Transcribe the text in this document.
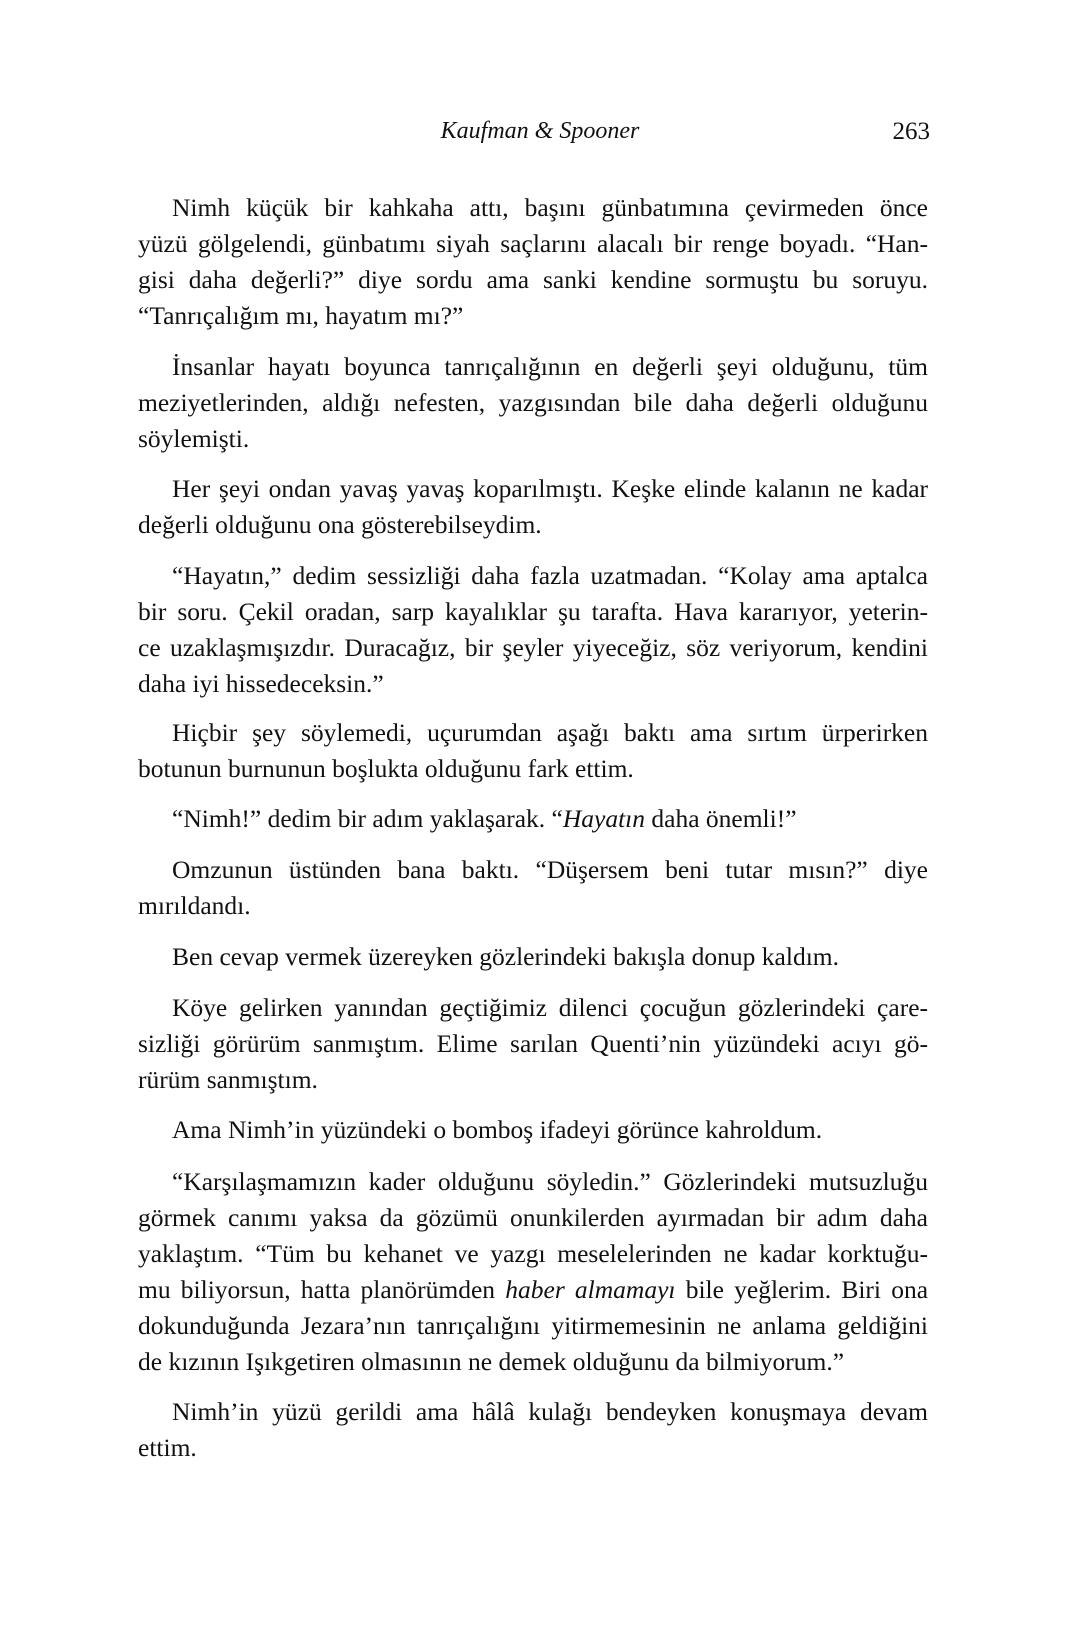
Kaufman & Spooner	263
Nimh küçük bir kahkaha attı, başını günbatımına çevirmeden önce
yüzü gölgelendi, günbatımı siyah saçlarını alacalı bir renge boyadı. “Han-
gisi daha değerli?” diye sordu ama sanki kendine sormuştu bu soruyu.
“Tanrıçalığım mı, hayatım mı?”
İnsanlar hayatı boyunca tanrıçalığının en değerli şeyi olduğunu, tüm
meziyetlerinden, aldığı nefesten, yazgısından bile daha değerli olduğunu
söylemişti.
Her şeyi ondan yavaş yavaş koparılmıştı. Keşke elinde kalanın ne kadar
değerli olduğunu ona gösterebilseydim.
“Hayatın,” dedim sessizliği daha fazla uzatmadan. “Kolay ama aptalca
bir soru. Çekil oradan, sarp kayalıklar şu tarafta. Hava kararıyor, yeterin-
ce uzaklaşmışızdır. Duracağız, bir şeyler yiyeceğiz, söz veriyorum, kendini
daha iyi hissedeceksin.”
Hiçbir şey söylemedi, uçurumdan aşağı baktı ama sırtım ürperirken
botunun burnunun boşlukta olduğunu fark ettim.
“Nimh!” dedim bir adım yaklaşarak. “Hayatın daha önemli!”
Omzunun üstünden bana baktı. “Düşersem beni tutar mısın?” diye
mırıldandı.
Ben cevap vermek üzereyken gözlerindeki bakışla donup kaldım.
Köye gelirken yanından geçtiğimiz dilenci çocuğun gözlerindeki çare-
sizliği görürüm sanmıştım. Elime sarılan Quenti’nin yüzündeki acıyı gö-
rürüm sanmıştım.
Ama Nimh’in yüzündeki o bomboş ifadeyi görünce kahroldum.
“Karşılaşmamızın kader olduğunu söyledin.” Gözlerindeki mutsuzluğu
görmek canımı yaksa da gözümü onunkilerden ayırmadan bir adım daha
yaklaştım. “Tüm bu kehanet ve yazgı meselelerinden ne kadar korktuğu-
mu biliyorsun, hatta planörümden haber almamayı bile yeğlerim. Biri ona
dokunduğunda Jezara’nın tanrıçalığını yitirmemesinin ne anlama geldiğini
de kızının Işıkgetiren olmasının ne demek olduğunu da bilmiyorum.”
Nimh’in yüzü gerildi ama hâlâ kulağı bendeyken konuşmaya devam
ettim.
